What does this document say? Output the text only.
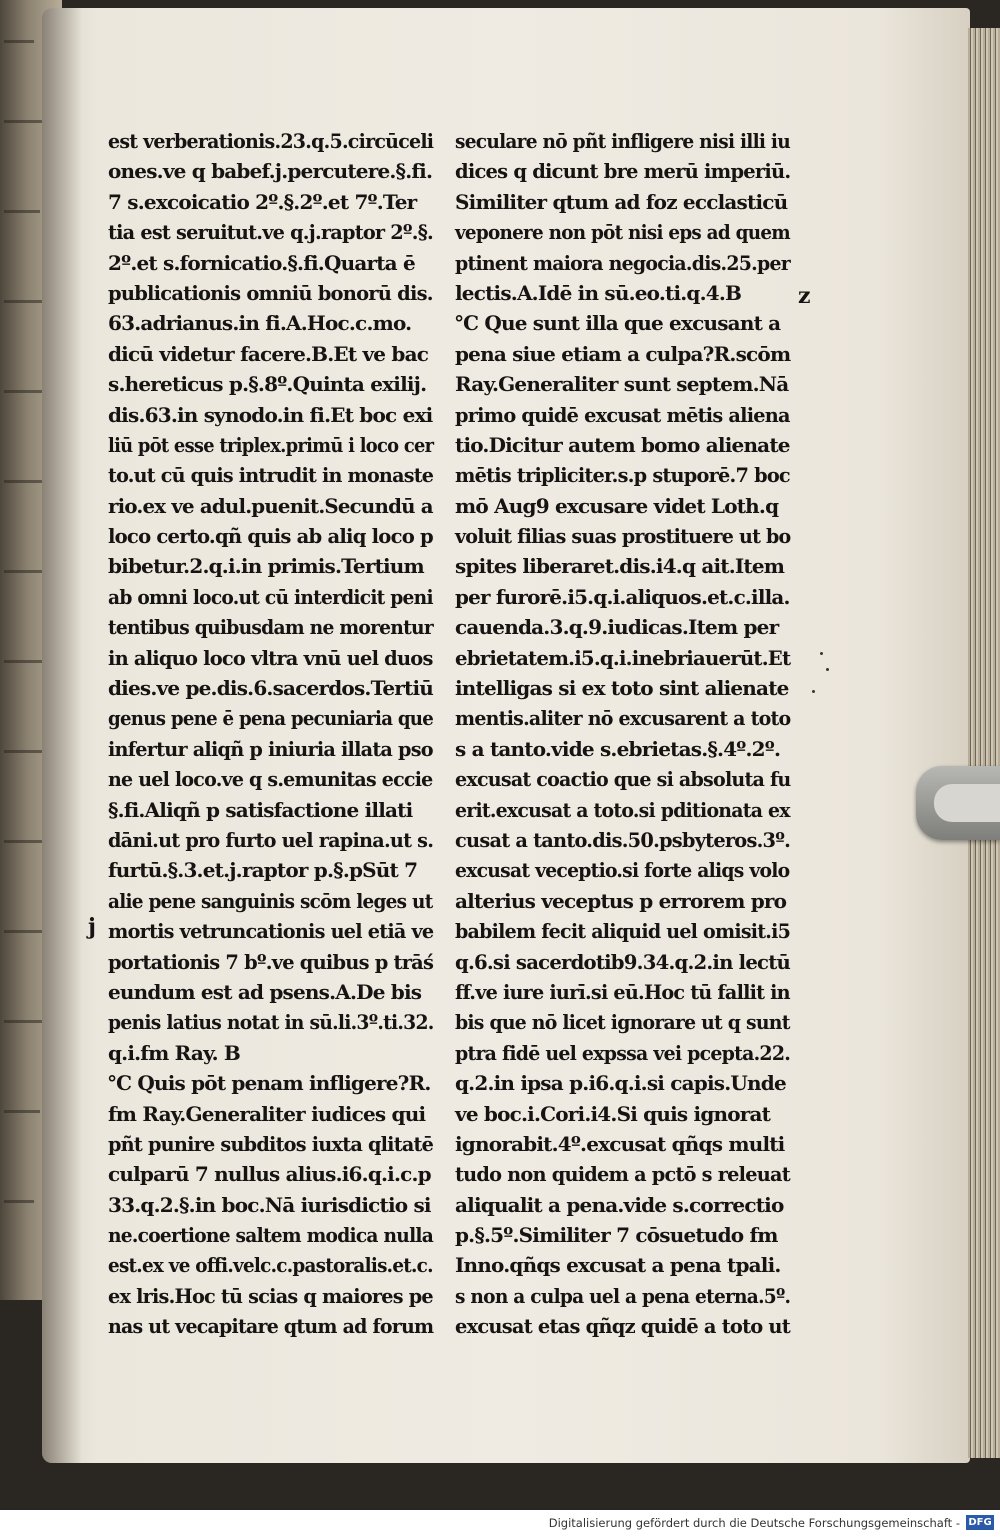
est verberationis.23.q.5.circūceli
ones.ve q babef.j.percutere.§.fi.
7 s.excoicatio 2º.§.2º.et 7º.Ter
tia est seruitut.ve q.j.raptor 2º.§.
2º.et s.fornicatio.§.fi.Quarta ē
publicationis omniū bonorū dis.
63.adrianus.in fi.A.Hoc.c.mo.
dicū videtur facere.B.Et ve bac
s.hereticus p.§.8º.Quinta exilij.
dis.63.in synodo.in fi.Et boc exi
liū pōt esse triplex.primū i loco cer
to.ut cū quis intrudit in monaste
rio.ex ve adul.puenit.Secundū a
loco certo.qñ quis ab aliq loco p
bibetur.2.q.i.in primis.Tertium
ab omni loco.ut cū interdicit peni
tentibus quibusdam ne morentur
in aliquo loco vltra vnū uel duos
dies.ve pe.dis.6.sacerdos.Tertiū
genus pene ē pena pecuniaria que
infertur aliqñ p iniuria illata pso
ne uel loco.ve q s.emunitas eccie
§.fi.Aliqñ p satisfactione illati
dāni.ut pro furto uel rapina.ut s.
furtū.§.3.et.j.raptor p.§.pSūt 7
alie pene sanguinis scōm leges ut
mortis vetruncationis uel etiā ve
portationis 7 bº.ve quibus p trāś
eundum est ad psens.A.De bis
penis latius notat in sū.li.3º.ti.32.
q.i.fm Ray. B
℃ Quis pōt penam infligere?R.
fm Ray.Generaliter iudices qui
pñt punire subditos iuxta qlitatē
culparū 7 nullus alius.i6.q.i.c.p
33.q.2.§.in boc.Nā iurisdictio si
ne.coertione saltem modica nulla
est.ex ve offi.velc.c.pastoralis.et.c.
ex lris.Hoc tū scias q maiores pe
nas ut vecapitare qtum ad forum
seculare nō pñt infligere nisi illi iu
dices q dicunt bre merū imperiū.
Similiter qtum ad foz ecclasticū
veponere non pōt nisi eps ad quem
ptinent maiora negocia.dis.25.per
lectis.A.Idē in sū.eo.ti.q.4.B
℃ Que sunt illa que excusant a
pena siue etiam a culpa?R.scōm
Ray.Generaliter sunt septem.Nā
primo quidē excusat mētis aliena
tio.Dicitur autem bomo alienate
mētis tripliciter.s.p stuporē.7 boc
mō Aug9 excusare videt Loth.q
voluit filias suas prostituere ut bo
spites liberaret.dis.i4.q ait.Item
per furorē.i5.q.i.aliquos.et.c.illa.
cauenda.3.q.9.iudicas.Item per
ebrietatem.i5.q.i.inebriauerūt.Et
intelligas si ex toto sint alienate
mentis.aliter nō excusarent a toto
s a tanto.vide s.ebrietas.§.4º.2º.
excusat coactio que si absoluta fu
erit.excusat a toto.si pditionata ex
cusat a tanto.dis.50.psbyteros.3º.
excusat veceptio.si forte aliqs volo
alterius veceptus p errorem pro
babilem fecit aliquid uel omisit.i5
q.6.si sacerdotib9.34.q.2.in lectū
ff.ve iure iurī.si eū.Hoc tū fallit in
bis que nō licet ignorare ut q sunt
ptra fidē uel expssa vei pcepta.22.
q.2.in ipsa p.i6.q.i.si capis.Unde
ve boc.i.Cori.i4.Si quis ignorat
ignorabit.4º.excusat qñqs multi
tudo non quidem a pctō s releuat
aliqualit a pena.vide s.correctio
p.§.5º.Similiter 7 cōsuetudo fm
Inno.qñqs excusat a pena tpali.
s non a culpa uel a pena eterna.5º.
excusat etas qñqz quidē a toto ut
z
j
Digitalisierung gefördert durch die Deutsche Forschungsgemeinschaft - DFG
